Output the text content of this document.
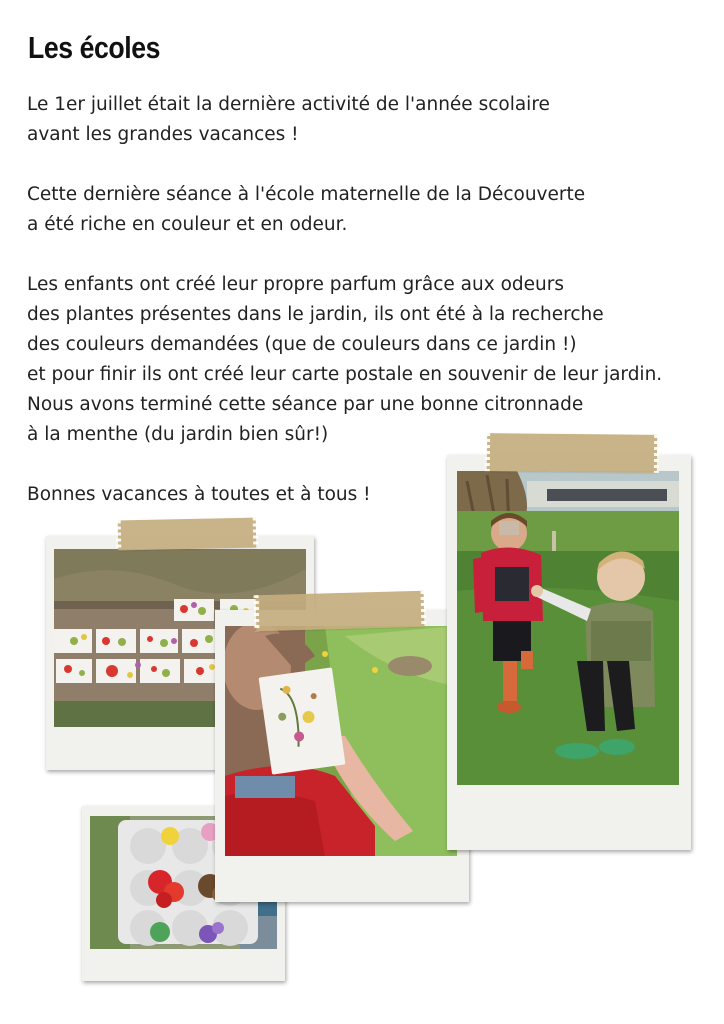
Les écoles
Le 1er juillet était la dernière activité de l'année scolaire
avant les grandes vacances !
Cette dernière séance à l'école maternelle de la Découverte
a été riche en couleur et en odeur.
Les enfants ont créé leur propre parfum grâce aux odeurs
des plantes présentes dans le jardin, ils ont été à la recherche
des couleurs demandées (que de couleurs dans ce jardin !)
et pour finir ils ont créé leur carte postale en souvenir de leur jardin.
Nous avons terminé cette séance par une bonne citronnade
à la menthe (du jardin bien sûr!)
Bonnes vacances à toutes et à tous !
